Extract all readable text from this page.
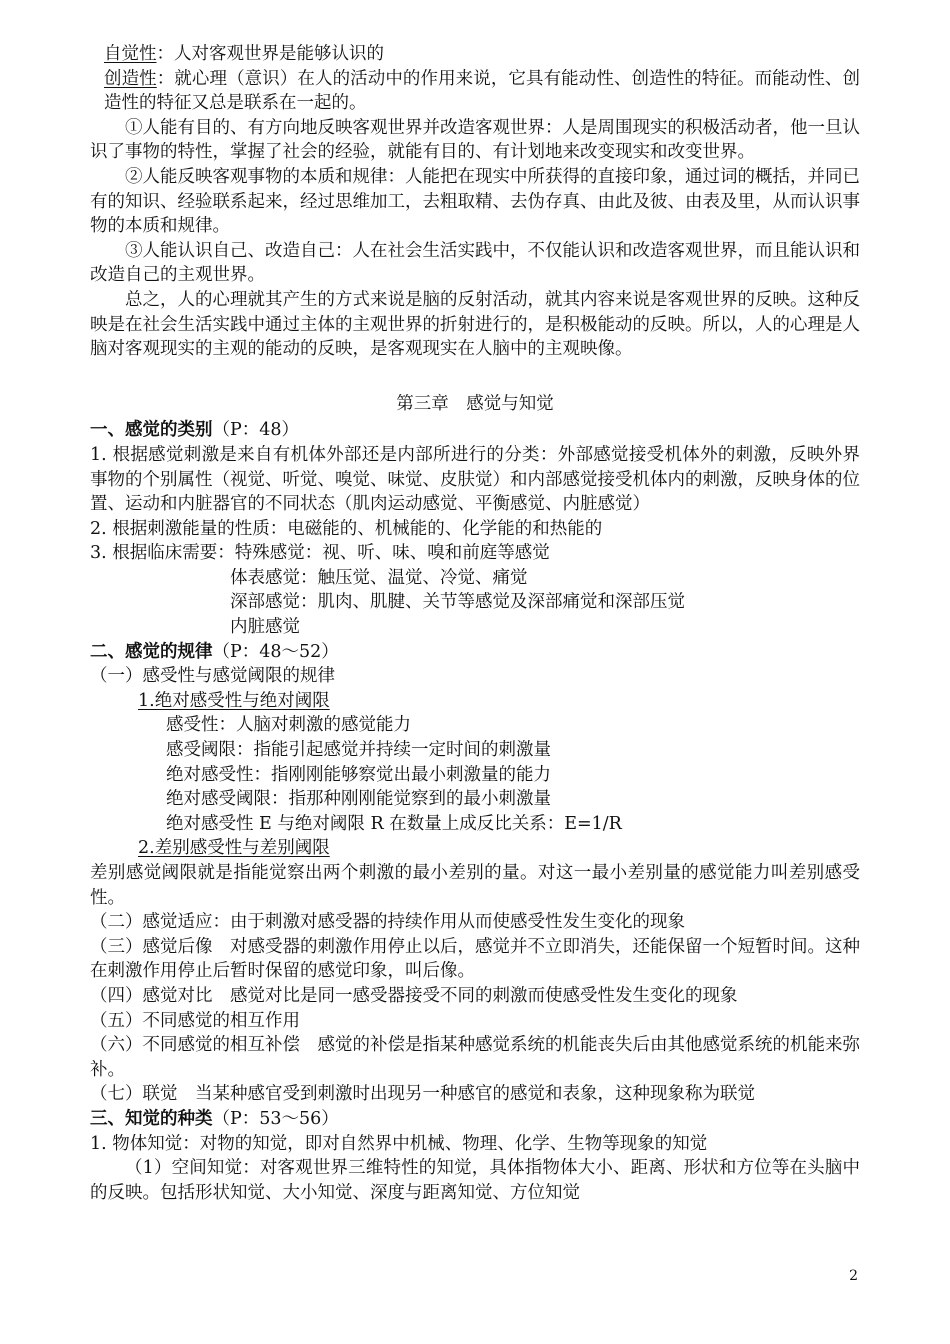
自觉性：人对客观世界是能够认识的

创造性：就心理（意识）在人的活动中的作用来说，它具有能动性、创造性的特征。而能动性、创造性的特征又总是联系在一起的。

①人能有目的、有方向地反映客观世界并改造客观世界：人是周围现实的积极活动者，他一旦认识了事物的特性，掌握了社会的经验，就能有目的、有计划地来改变现实和改变世界。

②人能反映客观事物的本质和规律：人能把在现实中所获得的直接印象，通过词的概括，并同已有的知识、经验联系起来，经过思维加工，去粗取精、去伪存真、由此及彼、由表及里，从而认识事物的本质和规律。

③人能认识自己、改造自己：人在社会生活实践中，不仅能认识和改造客观世界，而且能认识和改造自己的主观世界。

总之，人的心理就其产生的方式来说是脑的反射活动，就其内容来说是客观世界的反映。这种反映是在社会生活实践中通过主体的主观世界的折射进行的，是积极能动的反映。所以，人的心理是人脑对客观现实的主观的能动的反映，是客观现实在人脑中的主观映像。

第三章　感觉与知觉

一、感觉的类别（P：48）

1. 根据感觉刺激是来自有机体外部还是内部所进行的分类：外部感觉接受机体外的刺激，反映外界事物的个别属性（视觉、听觉、嗅觉、味觉、皮肤觉）和内部感觉接受机体内的刺激，反映身体的位置、运动和内脏器官的不同状态（肌肉运动感觉、平衡感觉、内脏感觉）

2. 根据刺激能量的性质：电磁能的、机械能的、化学能的和热能的

3. 根据临床需要：特殊感觉：视、听、味、嗅和前庭等感觉

体表感觉：触压觉、温觉、冷觉、痛觉

深部感觉：肌肉、肌腱、关节等感觉及深部痛觉和深部压觉

内脏感觉

二、感觉的规律（P：48～52）

（一）感受性与感觉阈限的规律

1.绝对感受性与绝对阈限

感受性：人脑对刺激的感觉能力

感受阈限：指能引起感觉并持续一定时间的刺激量

绝对感受性：指刚刚能够察觉出最小刺激量的能力

绝对感受阈限：指那种刚刚能觉察到的最小刺激量

绝对感受性 E 与绝对阈限 R 在数量上成反比关系：E=1/R

2.差别感受性与差别阈限

差别感觉阈限就是指能觉察出两个刺激的最小差别的量。对这一最小差别量的感觉能力叫差别感受性。

（二）感觉适应：由于刺激对感受器的持续作用从而使感受性发生变化的现象

（三）感觉后像　对感受器的刺激作用停止以后，感觉并不立即消失，还能保留一个短暂时间。这种在刺激作用停止后暂时保留的感觉印象，叫后像。

（四）感觉对比　感觉对比是同一感受器接受不同的刺激而使感受性发生变化的现象

（五）不同感觉的相互作用

（六）不同感觉的相互补偿　感觉的补偿是指某种感觉系统的机能丧失后由其他感觉系统的机能来弥补。

（七）联觉　当某种感官受到刺激时出现另一种感官的感觉和表象，这种现象称为联觉

三、知觉的种类（P：53～56）

1. 物体知觉：对物的知觉，即对自然界中机械、物理、化学、生物等现象的知觉

（1）空间知觉：对客观世界三维特性的知觉，具体指物体大小、距离、形状和方位等在头脑中的反映。包括形状知觉、大小知觉、深度与距离知觉、方位知觉

2
